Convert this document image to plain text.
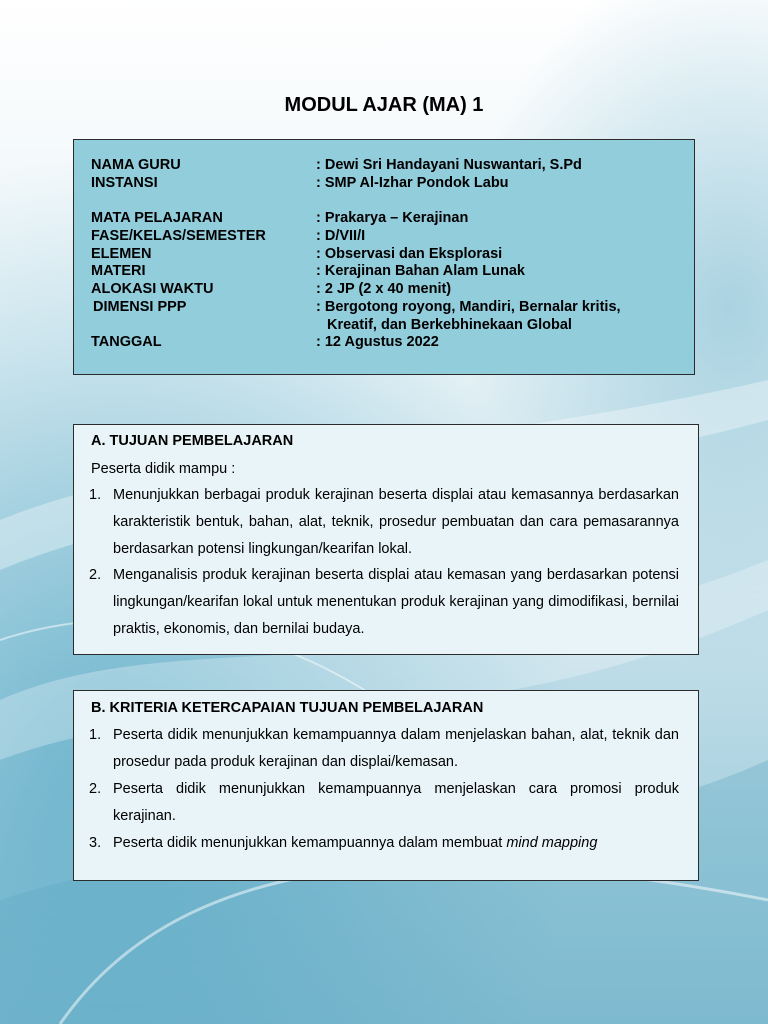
MODUL AJAR (MA) 1
NAMA GURU	: Dewi Sri Handayani Nuswantari, S.Pd
INSTANSI	: SMP Al-Izhar Pondok Labu
MATA PELAJARAN	: Prakarya – Kerajinan
FASE/KELAS/SEMESTER	: D/VII/I
ELEMEN	: Observasi dan Eksplorasi
MATERI	: Kerajinan Bahan Alam Lunak
ALOKASI WAKTU	: 2 JP (2 x 40 menit)
DIMENSI PPP	: Bergotong royong, Mandiri, Bernalar kritis,
Kreatif, dan Berkebhinekaan Global
TANGGAL	: 12 Agustus 2022
A. TUJUAN PEMBELAJARAN
Peserta didik mampu :
1. Menunjukkan berbagai produk kerajinan beserta displai atau kemasannya berdasarkan karakteristik bentuk, bahan, alat, teknik, prosedur pembuatan dan cara pemasarannya berdasarkan potensi lingkungan/kearifan lokal.
2. Menganalisis produk kerajinan beserta displai atau kemasan yang berdasarkan potensi lingkungan/kearifan lokal untuk menentukan produk kerajinan yang dimodifikasi, bernilai praktis, ekonomis, dan bernilai budaya.
B. KRITERIA KETERCAPAIAN TUJUAN PEMBELAJARAN
1. Peserta didik menunjukkan kemampuannya dalam menjelaskan bahan, alat, teknik dan prosedur pada produk kerajinan dan displai/kemasan.
2. Peserta didik menunjukkan kemampuannya menjelaskan cara promosi produk kerajinan.
3. Peserta didik menunjukkan kemampuannya dalam membuat mind mapping
